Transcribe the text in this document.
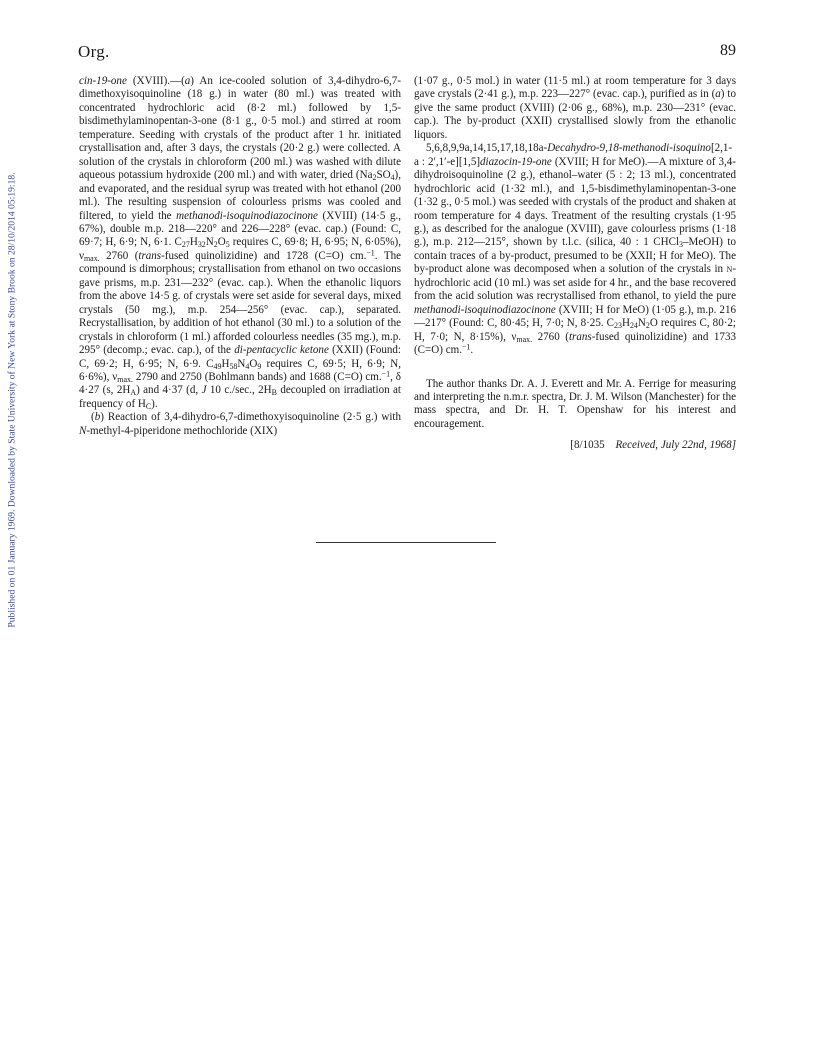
Published on 01 January 1969. Downloaded by State University of New York at Stony Brook on 28/10/2014 05:19:18.
Org.	89

cin-19-one (XVIII).—(a) An ice-cooled solution of 3,4-dihydro-6,7-dimethoxyisoquinoline (18 g.) in water (80 ml.) was treated with concentrated hydrochloric acid (8·2 ml.) followed by 1,5-bisdimethylaminopentan-3-one (8·1 g., 0·5 mol.) and stirred at room temperature. Seeding with crystals of the product after 1 hr. initiated crystallisation and, after 3 days, the crystals (20·2 g.) were collected. A solution of the crystals in chloroform (200 ml.) was washed with dilute aqueous potassium hydroxide (200 ml.) and with water, dried $(Na_2SO_4)$, and evaporated, and the residual syrup was treated with hot ethanol (200 ml.). The resulting suspension of colourless prisms was cooled and filtered, to yield the methanodi-isoquinodiazocinone (XVIII) (14·5 g., 67%), double m.p. 218—220° and 226—228° (evac. cap.) (Found: C, 69·7; H, 6·9; N, 6·1. $C_{27}H_{32}N_2O_5$ requires C, 69·8; H, 6·95; N, 6·05%), $\nu_{max.}$ 2760 (trans-fused quinolizidine) and 1728 (C=O) cm.$^{-1}$. The compound is dimorphous; crystallisation from ethanol on two occasions gave prisms, m.p. 231—232° (evac. cap.). When the ethanolic liquors from the above 14·5 g. of crystals were set aside for several days, mixed crystals (50 mg.), m.p. 254—256° (evac. cap.), separated. Recrystallisation, by addition of hot ethanol (30 ml.) to a solution of the crystals in chloroform (1 ml.) afforded colourless needles (35 mg.), m.p. 295° (decomp.; evac. cap.), of the di-pentacyclic ketone (XXII) (Found: C, 69·2; H, 6·95; N, 6·9. $C_{49}H_{58}N_4O_9$ requires C, 69·5; H, 6·9; N, 6·6%), $\nu_{max.}$ 2790 and 2750 (Bohlmann bands) and 1688 (C=O) cm.$^{-1}$, δ 4·27 (s, $2H_A$) and 4·37 (d, J 10 c./sec., $2H_B$ decoupled on irradiation at frequency of $H_C$).

(b) Reaction of 3,4-dihydro-6,7-dimethoxyisoquinoline (2·5 g.) with N-methyl-4-piperidone methochloride (XIX)

(1·07 g., 0·5 mol.) in water (11·5 ml.) at room temperature for 3 days gave crystals (2·41 g.), m.p. 223—227° (evac. cap.), purified as in (a) to give the same product (XVIII) (2·06 g., 68%), m.p. 230—231° (evac. cap.). The by-product (XXII) crystallised slowly from the ethanolic liquors.

5,6,8,9,9a,14,15,17,18,18a-Decahydro-9,18-methanodi-isoquino[2,1-a : 2′,1′-e][1,5]diazocin-19-one (XVIII; H for MeO).—A mixture of 3,4-dihydroisoquinoline (2 g.), ethanol–water (5 : 2; 13 ml.), concentrated hydrochloric acid (1·32 ml.), and 1,5-bisdimethylaminopentan-3-one (1·32 g., 0·5 mol.) was seeded with crystals of the product and shaken at room temperature for 4 days. Treatment of the resulting crystals (1·95 g.), as described for the analogue (XVIII), gave colourless prisms (1·18 g.), m.p. 212—215°, shown by t.l.c. (silica, 40 : 1 CHCl$_3$–MeOH) to contain traces of a by-product, presumed to be (XXII; H for MeO). The by-product alone was decomposed when a solution of the crystals in n-hydrochloric acid (10 ml.) was set aside for 4 hr., and the base recovered from the acid solution was recrystallised from ethanol, to yield the pure methanodi-isoquinodiazocinone (XVIII; H for MeO) (1·05 g.), m.p. 216—217° (Found: C, 80·45; H, 7·0; N, 8·25. $C_{23}H_{24}N_2O$ requires C, 80·2; H, 7·0; N, 8·15%), $\nu_{max.}$ 2760 (trans-fused quinolizidine) and 1733 (C=O) cm.$^{-1}$.

The author thanks Dr. A. J. Everett and Mr. A. Ferrige for measuring and interpreting the n.m.r. spectra, Dr. J. M. Wilson (Manchester) for the mass spectra, and Dr. H. T. Openshaw for his interest and encouragement.

[8/1035 Received, July 22nd, 1968]
